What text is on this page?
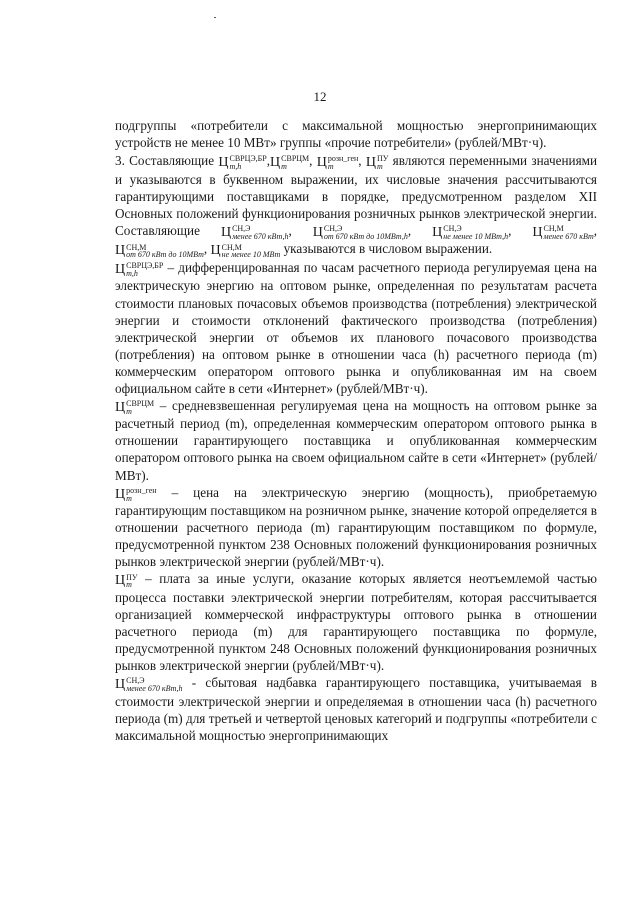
12

подгруппы «потребители с максимальной мощностью энергопринимающих устройств не менее 10 МВт» группы «прочие потребители» (рублей/МВт·ч).

3. Составляющие Ц СВРЦЭ,БР
m,h	,Ц СВРЦМ
m	, Ц розн_ген
m	, Ц ПУ
m являются переменными значениями и указываются в буквенном выражении, их числовые значения рассчитываются гарантирующими поставщиками в порядке, предусмотренном разделом XII Основных положений функционирования розничных рынков электрической энергии. Составляющие Ц СН,Э
менее 670 кВт,h , Ц СН,Э
от 670 кВт до 10МВт,h , Ц СН,Э
не менее 10 МВт,h , Ц СН,М
менее 670 кВт , Ц СН,М
от 670 кВт до 10МВт , Ц СН,М
не менее 10 МВт указываются в числовом выражении.

Ц СВРЦЭ,БР
m,h	– дифференцированная по часам расчетного периода регулируемая цена на электрическую энергию на оптовом рынке, определенная по результатам расчета стоимости плановых почасовых объемов производства (потребления) электрической энергии и стоимости отклонений фактического производства (потребления) электрической энергии от объемов их планового почасового производства (потребления) на оптовом рынке в отношении часа (h) расчетного периода (m) коммерческим оператором оптового рынка и опубликованная им на своем официальном сайте в сети «Интернет» (рублей/МВт·ч).

Ц СВРЦМ
m	– средневзвешенная регулируемая цена на мощность на оптовом рынке за расчетный период (m), определенная коммерческим оператором оптового рынка в отношении гарантирующего поставщика и опубликованная коммерческим оператором оптового рынка на своем официальном сайте в сети «Интернет» (рублей/МВт).

Ц розн_ген
m	– цена на электрическую энергию (мощность), приобретаемую гарантирующим поставщиком на розничном рынке, значение которой определяется в отношении расчетного периода (m) гарантирующим поставщиком по формуле, предусмотренной пунктом 238 Основных положений функционирования розничных рынков электрической энергии (рублей/МВт·ч).

Ц ПУ
m	– плата за иные услуги, оказание которых является неотъемлемой частью процесса поставки электрической энергии потребителям, которая рассчитывается организацией коммерческой инфраструктуры оптового рынка в отношении расчетного периода (m) для гарантирующего поставщика по формуле, предусмотренной пунктом 248 Основных положений функционирования розничных рынков электрической энергии (рублей/МВт·ч).

Ц СН,Э
менее 670 кВт,h - сбытовая надбавка гарантирующего поставщика, учитываемая в стоимости электрической энергии и определяемая в отношении часа (h) расчетного периода (m) для третьей и четвертой ценовых категорий и подгруппы «потребители с максимальной мощностью энергопринимающих
